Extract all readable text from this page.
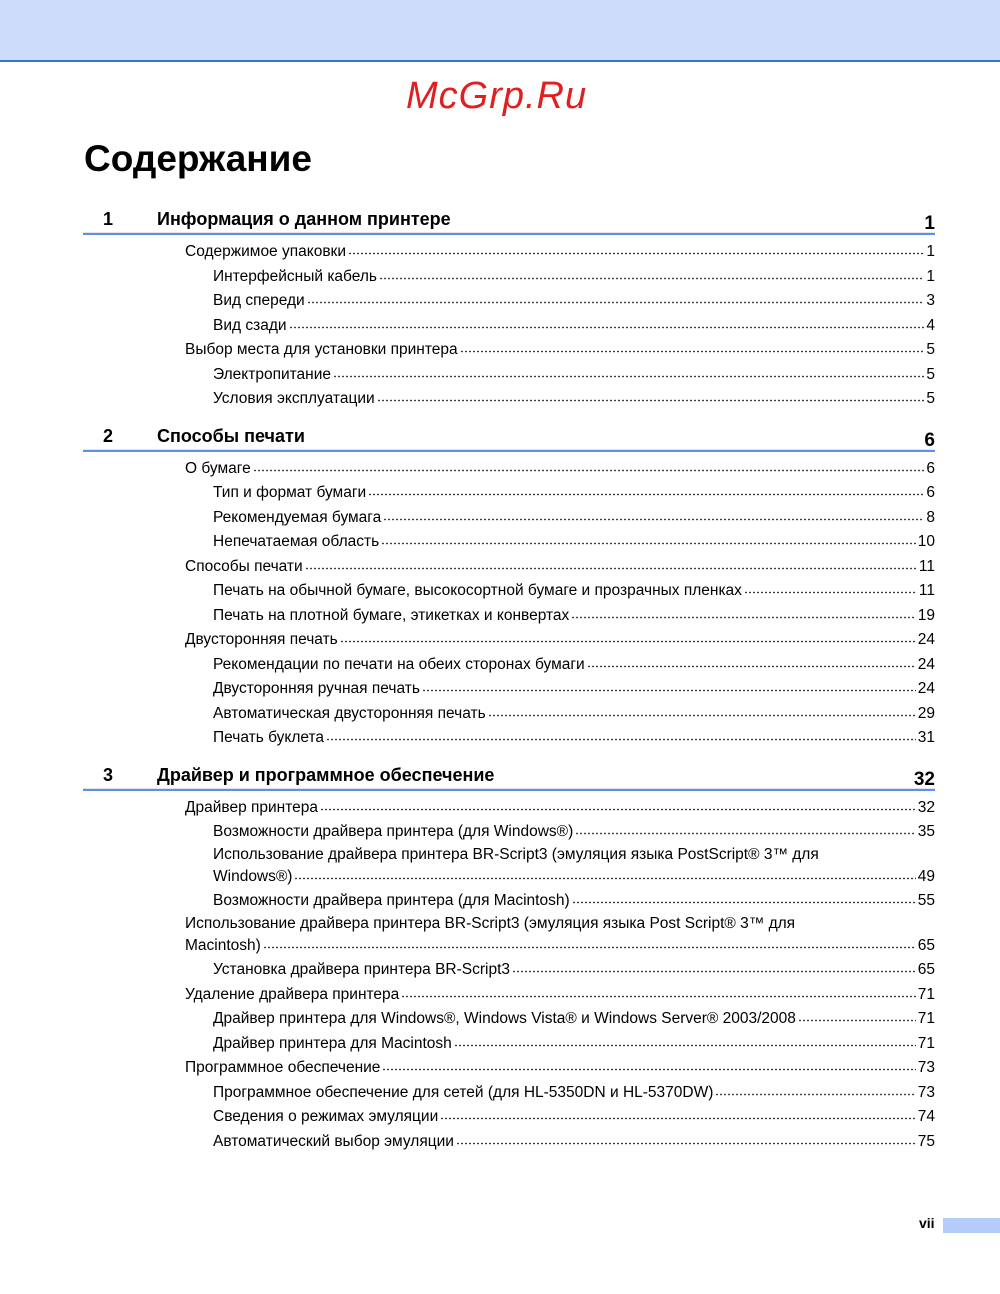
Содержание
1 Информация о данном принтере	1
Содержимое упаковки	1
Интерфейсный кабель	1
Вид спереди	3
Вид сзади	4
Выбор места для установки принтера	5
Электропитание	5
Условия эксплуатации	5
2 Способы печати	6
О бумаге	6
Тип и формат бумаги	6
Рекомендуемая бумага	8
Непечатаемая область	10
Способы печати	11
Печать на обычной бумаге, высокосортной бумаге и прозрачных пленках	11
Печать на плотной бумаге, этикетках и конвертах	19
Двусторонняя печать	24
Рекомендации по печати на обеих сторонах бумаги	24
Двусторонняя ручная печать	24
Автоматическая двусторонняя печать	29
Печать буклета	31
3 Драйвер и программное обеспечение	32
Драйвер принтера	32
Возможности драйвера принтера (для Windows®)	35
Использование драйвера принтера BR-Script3 (эмуляция языка PostScript® 3™ для
Windows®)	49
Возможности драйвера принтера (для Macintosh)	55
Использование драйвера принтера BR-Script3 (эмуляция языка Post Script® 3™ для
Macintosh)	65
Установка драйвера принтера BR-Script3	65
Удаление драйвера принтера	71
Драйвер принтера для Windows®, Windows Vista® и Windows Server® 2003/2008	71
Драйвер принтера для Macintosh	71
Программное обеспечение	73
Программное обеспечение для сетей (для HL-5350DN и HL-5370DW)	73
Сведения о режимах эмуляции	74
Автоматический выбор эмуляции	75
McGrp.Ru
vii
